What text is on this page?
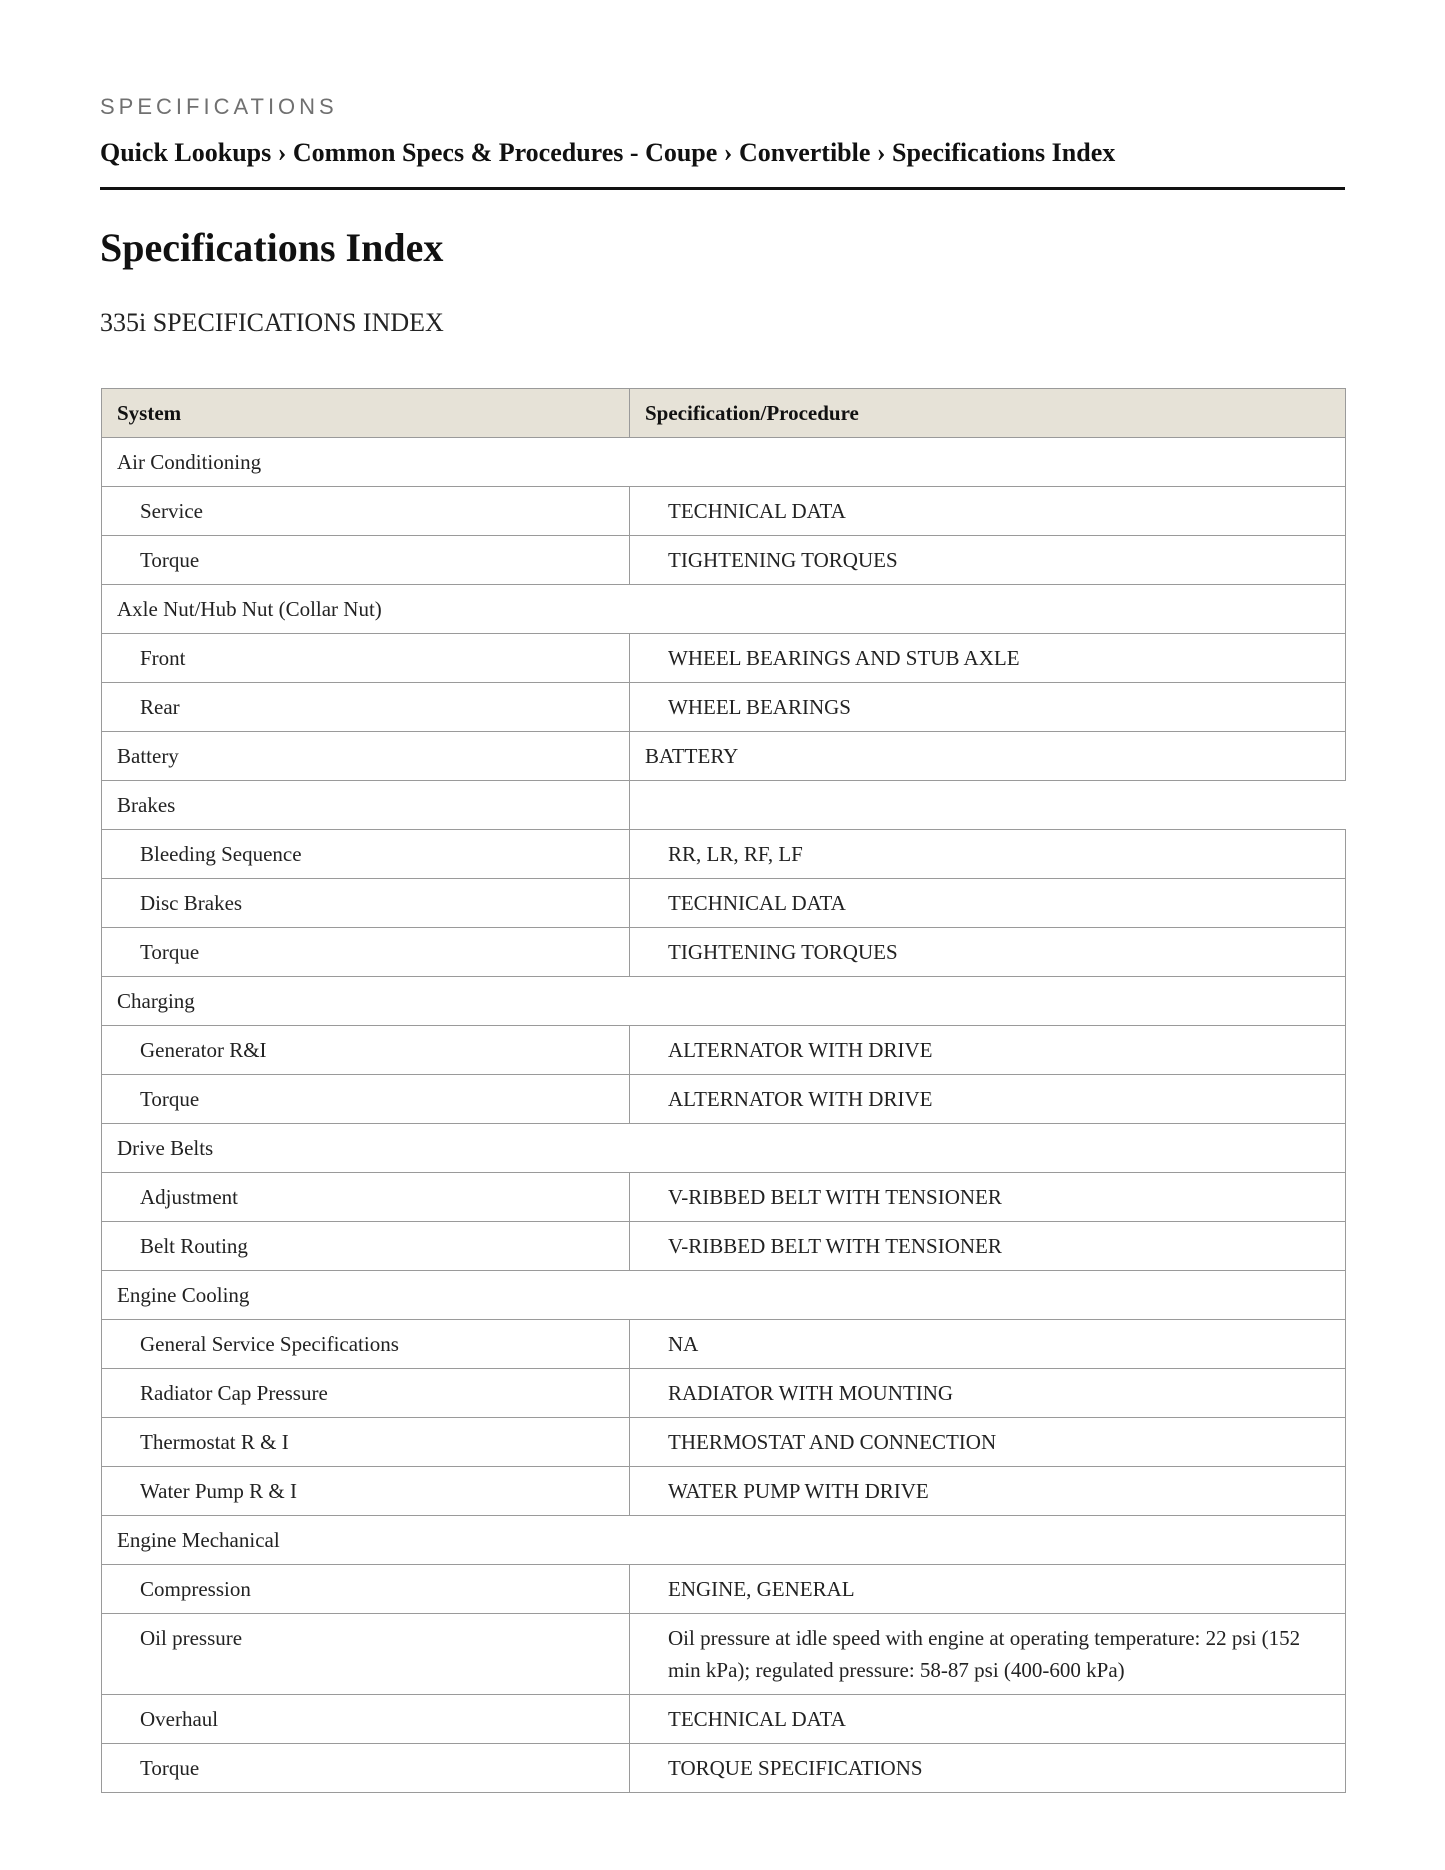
SPECIFICATIONS
Quick Lookups › Common Specs & Procedures - Coupe › Convertible › Specifications Index
Specifications Index
335i SPECIFICATIONS INDEX
System	Specification/Procedure
Air Conditioning	
Service	TECHNICAL DATA
Torque	TIGHTENING TORQUES
Axle Nut/Hub Nut (Collar Nut)	
Front	WHEEL BEARINGS AND STUB AXLE
Rear	WHEEL BEARINGS
Battery	BATTERY
Brakes	
Bleeding Sequence	RR, LR, RF, LF
Disc Brakes	TECHNICAL DATA
Torque	TIGHTENING TORQUES
Charging	
Generator R&I	ALTERNATOR WITH DRIVE
Torque	ALTERNATOR WITH DRIVE
Drive Belts	
Adjustment	V-RIBBED BELT WITH TENSIONER
Belt Routing	V-RIBBED BELT WITH TENSIONER
Engine Cooling	
General Service Specifications	NA
Radiator Cap Pressure	RADIATOR WITH MOUNTING
Thermostat R & I	THERMOSTAT AND CONNECTION
Water Pump R & I	WATER PUMP WITH DRIVE
Engine Mechanical	
Compression	ENGINE, GENERAL
Oil pressure	Oil pressure at idle speed with engine at operating temperature: 22 psi (152 min kPa); regulated pressure: 58-87 psi (400-600 kPa)
Overhaul	TECHNICAL DATA
Torque	TORQUE SPECIFICATIONS
